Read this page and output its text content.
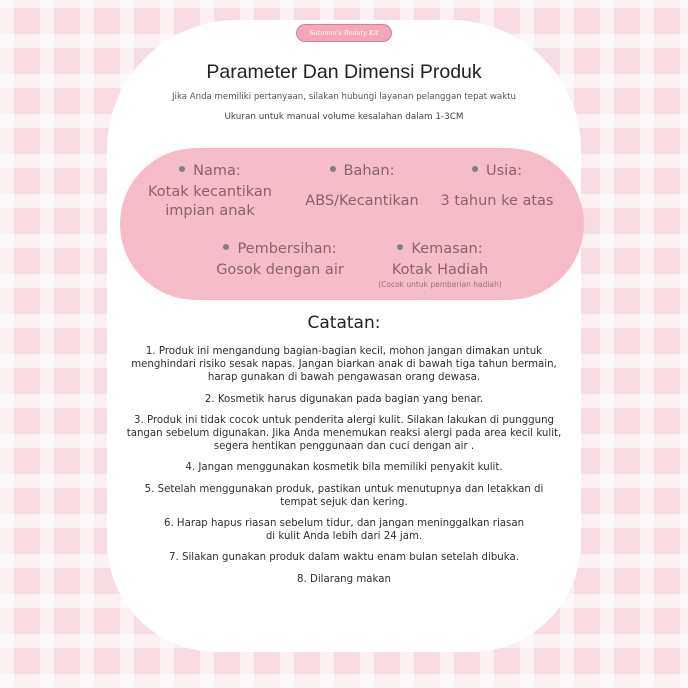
Satomin's Beauty Kit
Parameter Dan Dimensi Produk
Jika Anda memiliki pertanyaan, silakan hubungi layanan pelanggan tepat waktu
Ukuran untuk manual volume kesalahan dalam 1-3CM
Nama:
Kotak kecantikan
impian anak
Bahan:
ABS/Kecantikan
Usia:
3 tahun ke atas
Pembersihan:
Gosok dengan air
Kemasan:
Kotak Hadiah
(Cocok untuk pemberian hadiah)
Catatan:
1. Produk ini mengandung bagian-bagian kecil, mohon jangan dimakan untuk
menghindari risiko sesak napas. Jangan biarkan anak di bawah tiga tahun bermain,
harap gunakan di bawah pengawasan orang dewasa.
2. Kosmetik harus digunakan pada bagian yang benar.
3. Produk ini tidak cocok untuk penderita alergi kulit. Silakan lakukan di punggung
tangan sebelum digunakan. Jika Anda menemukan reaksi alergi pada area kecil kulit,
segera hentikan penggunaan dan cuci dengan air .
4. Jangan menggunakan kosmetik bila memiliki penyakit kulit.
5. Setelah menggunakan produk, pastikan untuk menutupnya dan letakkan di
tempat sejuk dan kering.
6. Harap hapus riasan sebelum tidur, dan jangan meninggalkan riasan
di kulit Anda lebih dari 24 jam.
7. Silakan gunakan produk dalam waktu enam bulan setelah dibuka.
8. Dilarang makan
